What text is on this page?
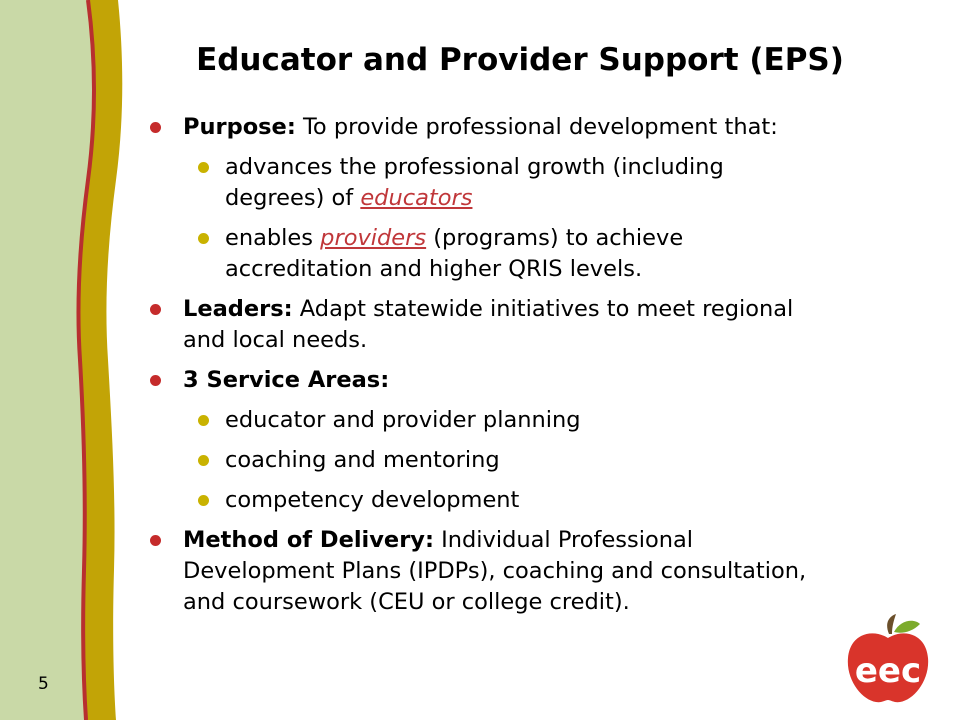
Educator and Provider Support (EPS)
Purpose: To provide professional development that:
advances the professional growth (including degrees) of educators
enables providers (programs) to achieve accreditation and higher QRIS levels.
Leaders: Adapt statewide initiatives to meet regional and local needs.
3 Service Areas:
educator and provider planning
coaching and mentoring
competency development
Method of Delivery: Individual Professional Development Plans (IPDPs), coaching and consultation, and coursework (CEU or college credit).
5	eec
